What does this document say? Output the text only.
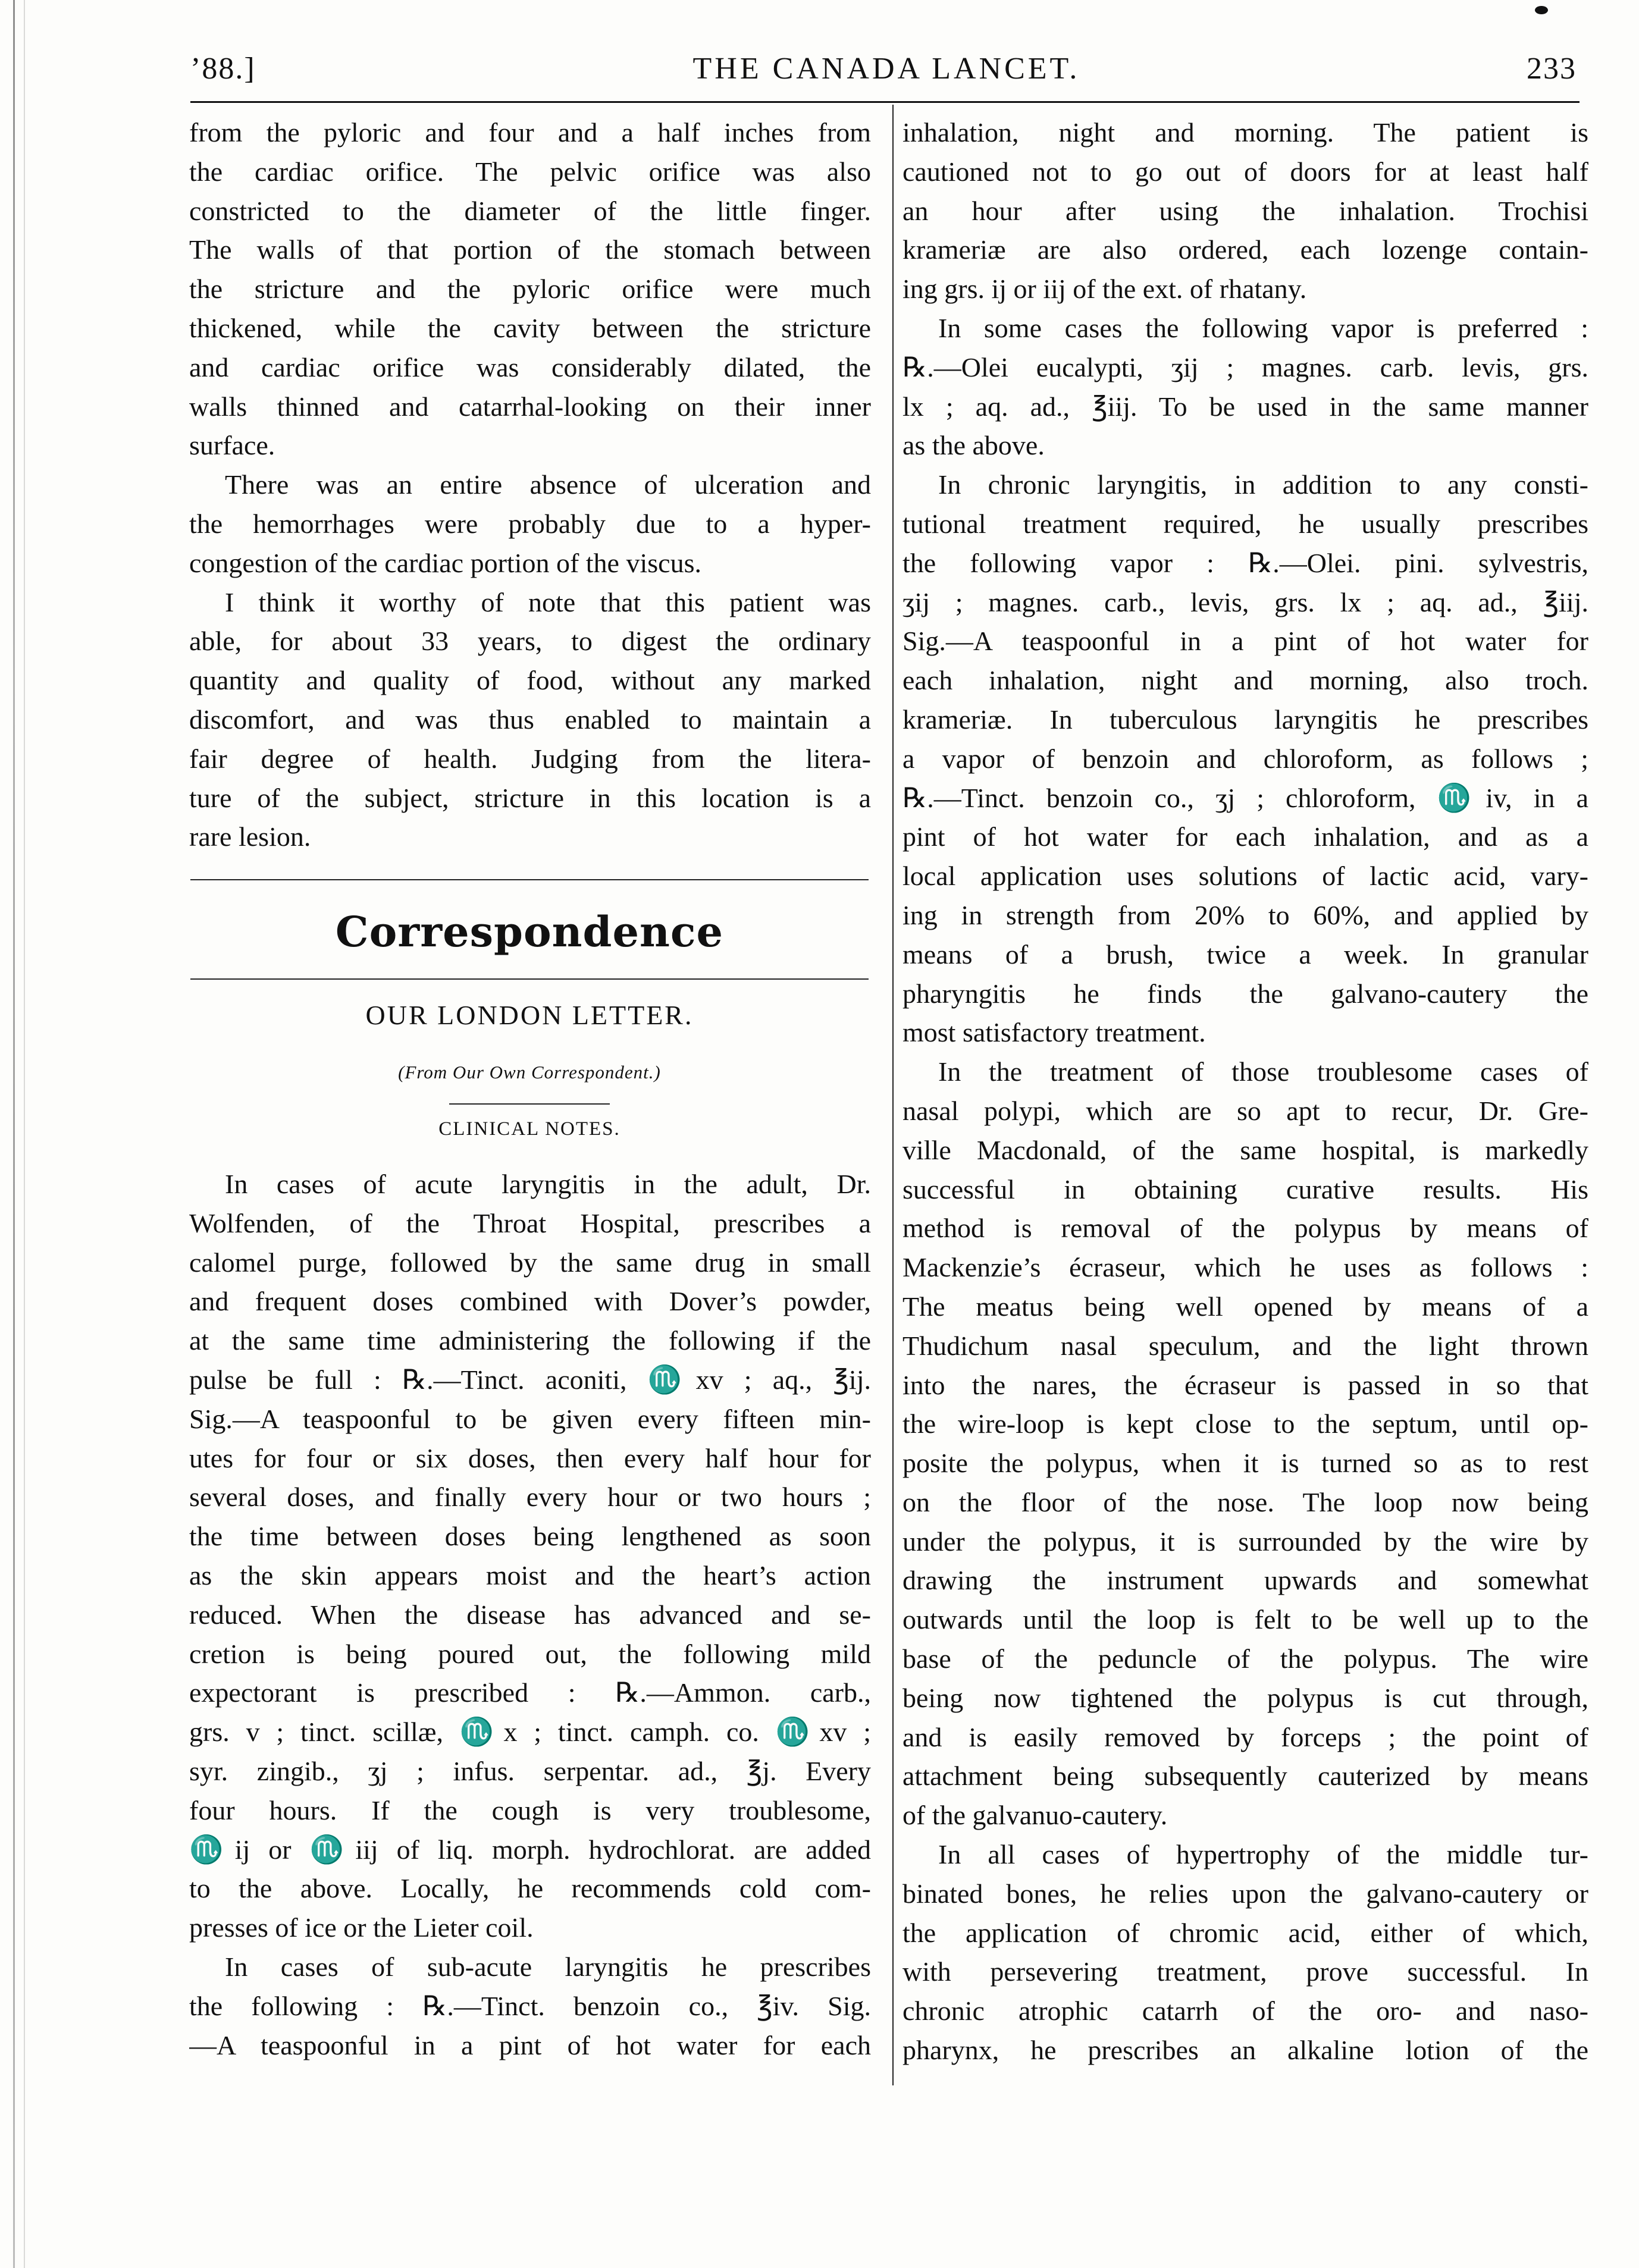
’88.]	THE CANADA LANCET.	233
from the pyloric and four and a half inches from
the cardiac orifice. The pelvic orifice was also
constricted to the diameter of the little finger.
The walls of that portion of the stomach between
the stricture and the pyloric orifice were much
thickened, while the cavity between the stricture
and cardiac orifice was considerably dilated, the
walls thinned and catarrhal-looking on their inner
surface.
There was an entire absence of ulceration and
the hemorrhages were probably due to a hyper-
congestion of the cardiac portion of the viscus.
I think it worthy of note that this patient was
able, for about 33 years, to digest the ordinary
quantity and quality of food, without any marked
discomfort, and was thus enabled to maintain a
fair degree of health. Judging from the litera-
ture of the subject, stricture in this location is a
rare lesion.
Correspondence
OUR LONDON LETTER.
(From Our Own Correspondent.)
CLINICAL NOTES.
In cases of acute laryngitis in the adult, Dr.
Wolfenden, of the Throat Hospital, prescribes a
calomel purge, followed by the same drug in small
and frequent doses combined with Dover’s powder,
at the same time administering the following if the
pulse be full : ℞.—Tinct. aconiti, ♏xv ; aq., ℥ij.
Sig.—A teaspoonful to be given every fifteen min-
utes for four or six doses, then every half hour for
several doses, and finally every hour or two hours ;
the time between doses being lengthened as soon
as the skin appears moist and the heart’s action
reduced. When the disease has advanced and se-
cretion is being poured out, the following mild
expectorant is prescribed : ℞.—Ammon. carb.,
grs. v ; tinct. scillæ, ♏x ; tinct. camph. co. ♏xv ;
syr. zingib., ʒj ; infus. serpentar. ad., ℥j. Every
four hours. If the cough is very troublesome,
♏ij or ♏iij of liq. morph. hydrochlorat. are added
to the above. Locally, he recommends cold com-
presses of ice or the Lieter coil.
In cases of sub-acute laryngitis he prescribes
the following : ℞.—Tinct. benzoin co., ℥iv. Sig.
—A teaspoonful in a pint of hot water for each
inhalation, night and morning. The patient is
cautioned not to go out of doors for at least half
an hour after using the inhalation. Trochisi
krameriæ are also ordered, each lozenge contain-
ing grs. ij or iij of the ext. of rhatany.
In some cases the following vapor is preferred :
℞.—Olei eucalypti, ʒij ; magnes. carb. levis, grs.
lx ; aq. ad., ℥iij. To be used in the same manner
as the above.
In chronic laryngitis, in addition to any consti-
tutional treatment required, he usually prescribes
the following vapor : ℞.—Olei. pini. sylvestris,
ʒij ; magnes. carb., levis, grs. lx ; aq. ad., ℥iij.
Sig.—A teaspoonful in a pint of hot water for
each inhalation, night and morning, also troch.
krameriæ. In tuberculous laryngitis he prescribes
a vapor of benzoin and chloroform, as follows ;
℞.—Tinct. benzoin co., ʒj ; chloroform, ♏iv, in a
pint of hot water for each inhalation, and as a
local application uses solutions of lactic acid, vary-
ing in strength from 20% to 60%, and applied by
means of a brush, twice a week. In granular
pharyngitis he finds the galvano-cautery the
most satisfactory treatment.
In the treatment of those troublesome cases of
nasal polypi, which are so apt to recur, Dr. Gre-
ville Macdonald, of the same hospital, is markedly
successful in obtaining curative results. His
method is removal of the polypus by means of
Mackenzie’s écraseur, which he uses as follows :
The meatus being well opened by means of a
Thudichum nasal speculum, and the light thrown
into the nares, the écraseur is passed in so that
the wire-loop is kept close to the septum, until op-
posite the polypus, when it is turned so as to rest
on the floor of the nose. The loop now being
under the polypus, it is surrounded by the wire by
drawing the instrument upwards and somewhat
outwards until the loop is felt to be well up to the
base of the peduncle of the polypus. The wire
being now tightened the polypus is cut through,
and is easily removed by forceps ; the point of
attachment being subsequently cauterized by means
of the galvanuo-cautery.
In all cases of hypertrophy of the middle tur-
binated bones, he relies upon the galvano-cautery or
the application of chromic acid, either of which,
with persevering treatment, prove successful. In
chronic atrophic catarrh of the oro- and naso-
pharynx, he prescribes an alkaline lotion of the
